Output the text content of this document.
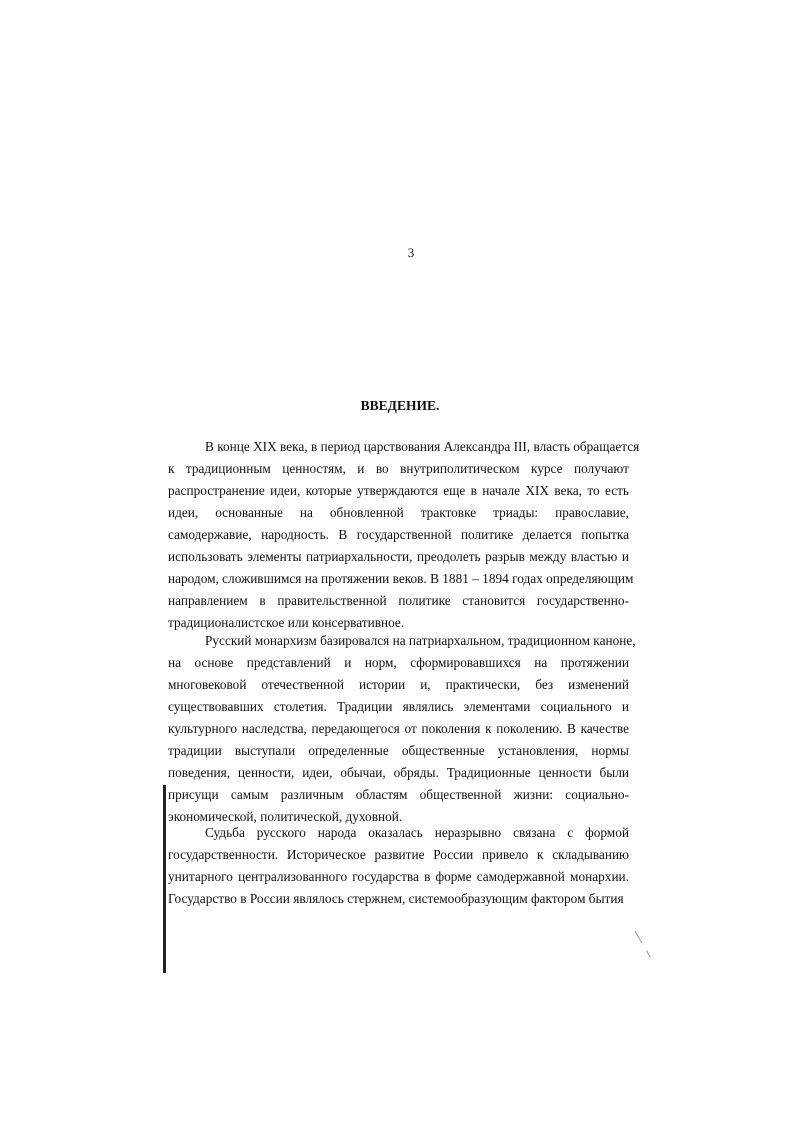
3
ВВЕДЕНИЕ.
В конце XIX века, в период царствования Александра III, власть обращается
к традиционным ценностям, и во внутриполитическом курсе получают
распространение идеи, которые утверждаются еще в начале XIX века, то есть
идеи, основанные на обновленной трактовке триады: православие,
самодержавие, народность. В государственной политике делается попытка
использовать элементы патриархальности, преодолеть разрыв между властью и
народом, сложившимся на протяжении веков. В 1881 – 1894 годах определяющим
направлением в правительственной политике становится государственно-
традиционалистское или консервативное.
Русский монархизм базировался на патриархальном, традиционном каноне,
на основе представлений и норм, сформировавшихся на протяжении
многовековой отечественной истории и, практически, без изменений
существовавших столетия. Традиции являлись элементами социального и
культурного наследства, передающегося от поколения к поколению. В качестве
традиции выступали определенные общественные установления, нормы
поведения, ценности, идеи, обычаи, обряды. Традиционные ценности были
присущи самым различным областям общественной жизни: социально-
экономической, политической, духовной.
Судьба русского народа оказалась неразрывно связана с формой
государственности. Историческое развитие России привело к складыванию
унитарного централизованного государства в форме самодержавной монархии.
Государство в России являлось стержнем, системообразующим фактором бытия
